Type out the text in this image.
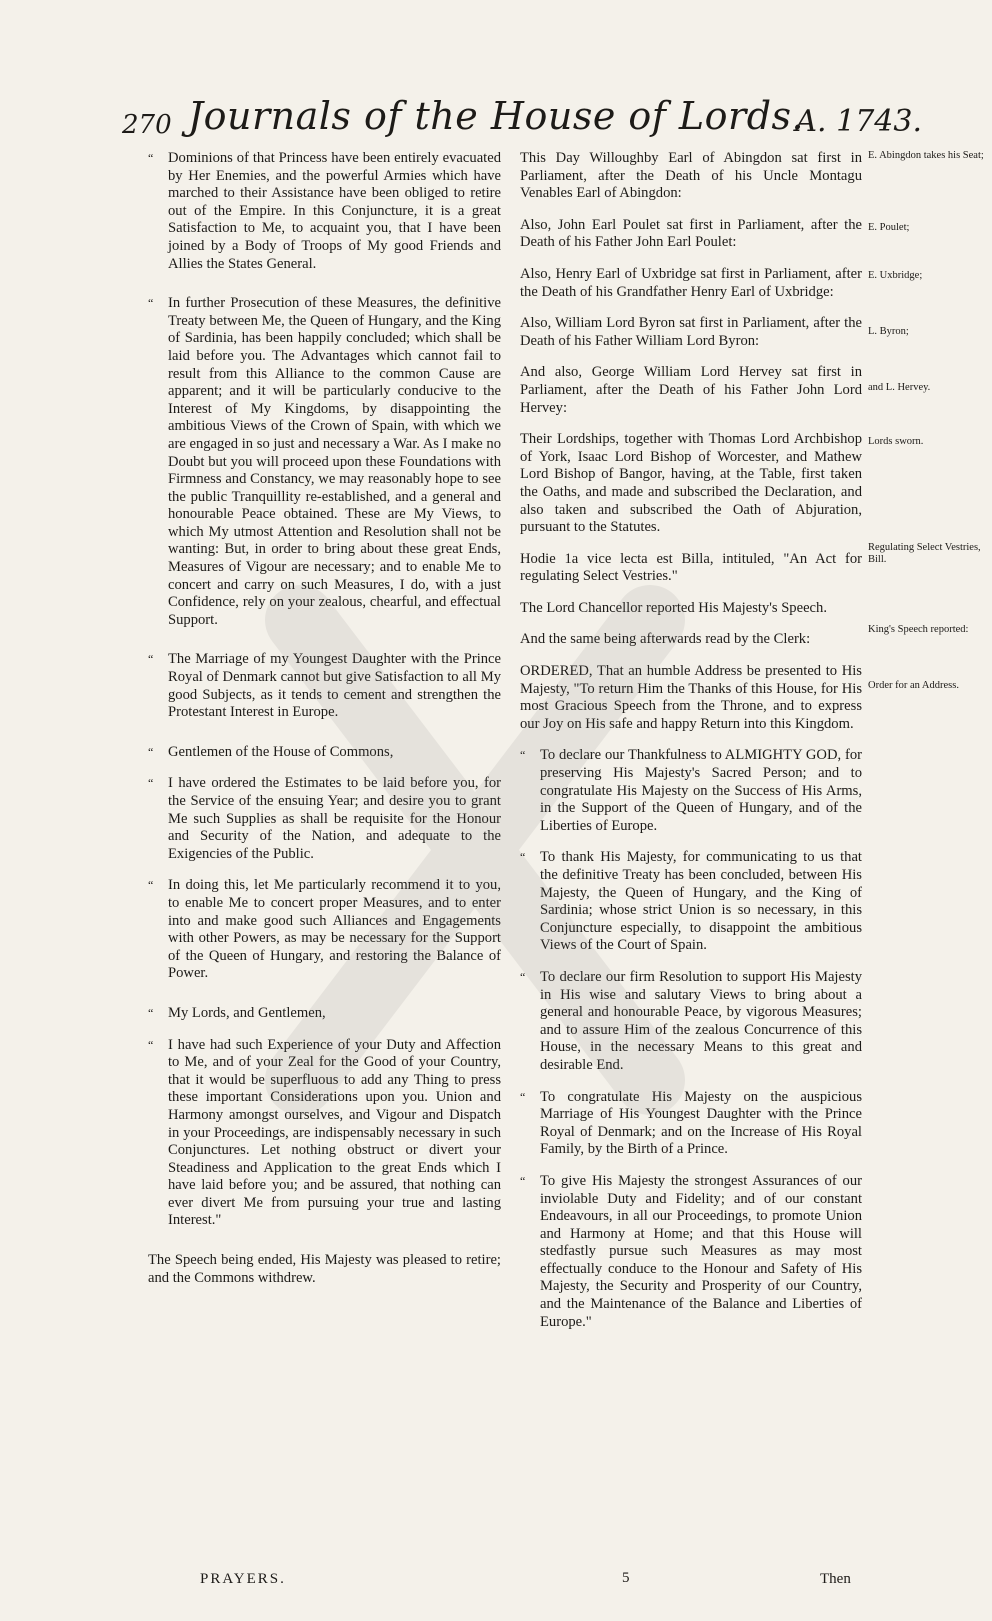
270 Journals of the House of Lords.
A. 1743.

“ Dominions of that Princess have been entirely evacuated by Her Enemies, and the powerful Armies which have marched to their Assistance have been obliged to retire out of the Empire. In this Conjuncture, it is a great Satisfaction to Me, to acquaint you, that I have been joined by a Body of Troops of My good Friends and Allies the States General.

“ In further Prosecution of these Measures, the definitive Treaty between Me, the Queen of Hungary, and the King of Sardinia, has been happily concluded; which shall be laid before you. The Advantages which cannot fail to result from this Alliance to the common Cause are apparent; and it will be particularly conducive to the Interest of My Kingdoms, by disappointing the ambitious Views of the Crown of Spain, with which we are engaged in so just and necessary a War. As I make no Doubt but you will proceed upon these Foundations with Firmness and Constancy, we may reasonably hope to see the public Tranquillity re-established, and a general and honourable Peace obtained. These are My Views, to which My utmost Attention and Resolution shall not be wanting: But, in order to bring about these great Ends, Measures of Vigour are necessary; and to enable Me to concert and carry on such Measures, I do, with a just Confidence, rely on your zealous, chearful, and effectual Support.

“ The Marriage of my Youngest Daughter with the Prince Royal of Denmark cannot but give Satisfaction to all My good Subjects, as it tends to cement and strengthen the Protestant Interest in Europe.

“ Gentlemen of the House of Commons,

“ I have ordered the Estimates to be laid before you, for the Service of the ensuing Year; and desire you to grant Me such Supplies as shall be requisite for the Honour and Security of the Nation, and adequate to the Exigencies of the Public.

“ In doing this, let Me particularly recommend it to you, to enable Me to concert proper Measures, and to enter into and make good such Alliances and Engagements with other Powers, as may be necessary for the Support of the Queen of Hungary, and restoring the Balance of Power.

“ My Lords, and Gentlemen,

“ I have had such Experience of your Duty and Affection to Me, and of your Zeal for the Good of your Country, that it would be superfluous to add any Thing to press these important Considerations upon you. Union and Harmony amongst ourselves, and Vigour and Dispatch in your Proceedings, are indispensably necessary in such Conjunctures. Let nothing obstruct or divert your Steadiness and Application to the great Ends which I have laid before you; and be assured, that nothing can ever divert Me from pursuing your true and lasting Interest."

The Speech being ended, His Majesty was pleased to retire; and the Commons withdrew.

This Day Willoughby Earl of Abingdon sat first in Parliament, after the Death of his Uncle Montagu Venables Earl of Abingdon:

Also, John Earl Poulet sat first in Parliament, after the Death of his Father John Earl Poulet:

Also, Henry Earl of Uxbridge sat first in Parliament, after the Death of his Grandfather Henry Earl of Uxbridge:

Also, William Lord Byron sat first in Parliament, after the Death of his Father William Lord Byron:

And also, George William Lord Hervey sat first in Parliament, after the Death of his Father John Lord Hervey:

Their Lordships, together with Thomas Lord Archbishop of York, Isaac Lord Bishop of Worcester, and Mathew Lord Bishop of Bangor, having, at the Table, first taken the Oaths, and made and subscribed the Declaration, and also taken and subscribed the Oath of Abjuration, pursuant to the Statutes.

Hodie 1a vice lecta est Billa, intituled, "An Act for regulating Select Vestries."

The Lord Chancellor reported His Majesty's Speech.

And the same being afterwards read by the Clerk:

ORDERED, That an humble Address be presented to His Majesty, "To return Him the Thanks of this House, for His most Gracious Speech from the Throne, and to express our Joy on His safe and happy Return into this Kingdom.

“ To declare our Thankfulness to ALMIGHTY GOD, for preserving His Majesty's Sacred Person; and to congratulate His Majesty on the Success of His Arms, in the Support of the Queen of Hungary, and of the Liberties of Europe.

“ To thank His Majesty, for communicating to us that the definitive Treaty has been concluded, between His Majesty, the Queen of Hungary, and the King of Sardinia; whose strict Union is so necessary, in this Conjuncture especially, to disappoint the ambitious Views of the Court of Spain.

“ To declare our firm Resolution to support His Majesty in His wise and salutary Views to bring about a general and honourable Peace, by vigorous Measures; and to assure Him of the zealous Concurrence of this House, in the necessary Means to this great and desirable End.

“ To congratulate His Majesty on the auspicious Marriage of His Youngest Daughter with the Prince Royal of Denmark; and on the Increase of His Royal Family, by the Birth of a Prince.

“ To give His Majesty the strongest Assurances of our inviolable Duty and Fidelity; and of our constant Endeavours, in all our Proceedings, to promote Union and Harmony at Home; and that this House will stedfastly pursue such Measures as may most effectually conduce to the Honour and Safety of His Majesty, the Security and Prosperity of our Country, and the Maintenance of the Balance and Liberties of Europe."

E. Abingdon takes his Seat;
E. Poulet;
E. Uxbridge;
L. Byron;
and L. Hervey.
Lords sworn.
Regulating Select Vestries, Bill.
King's Speech reported:
Order for an Address.
PRAYERS.	5	Then
